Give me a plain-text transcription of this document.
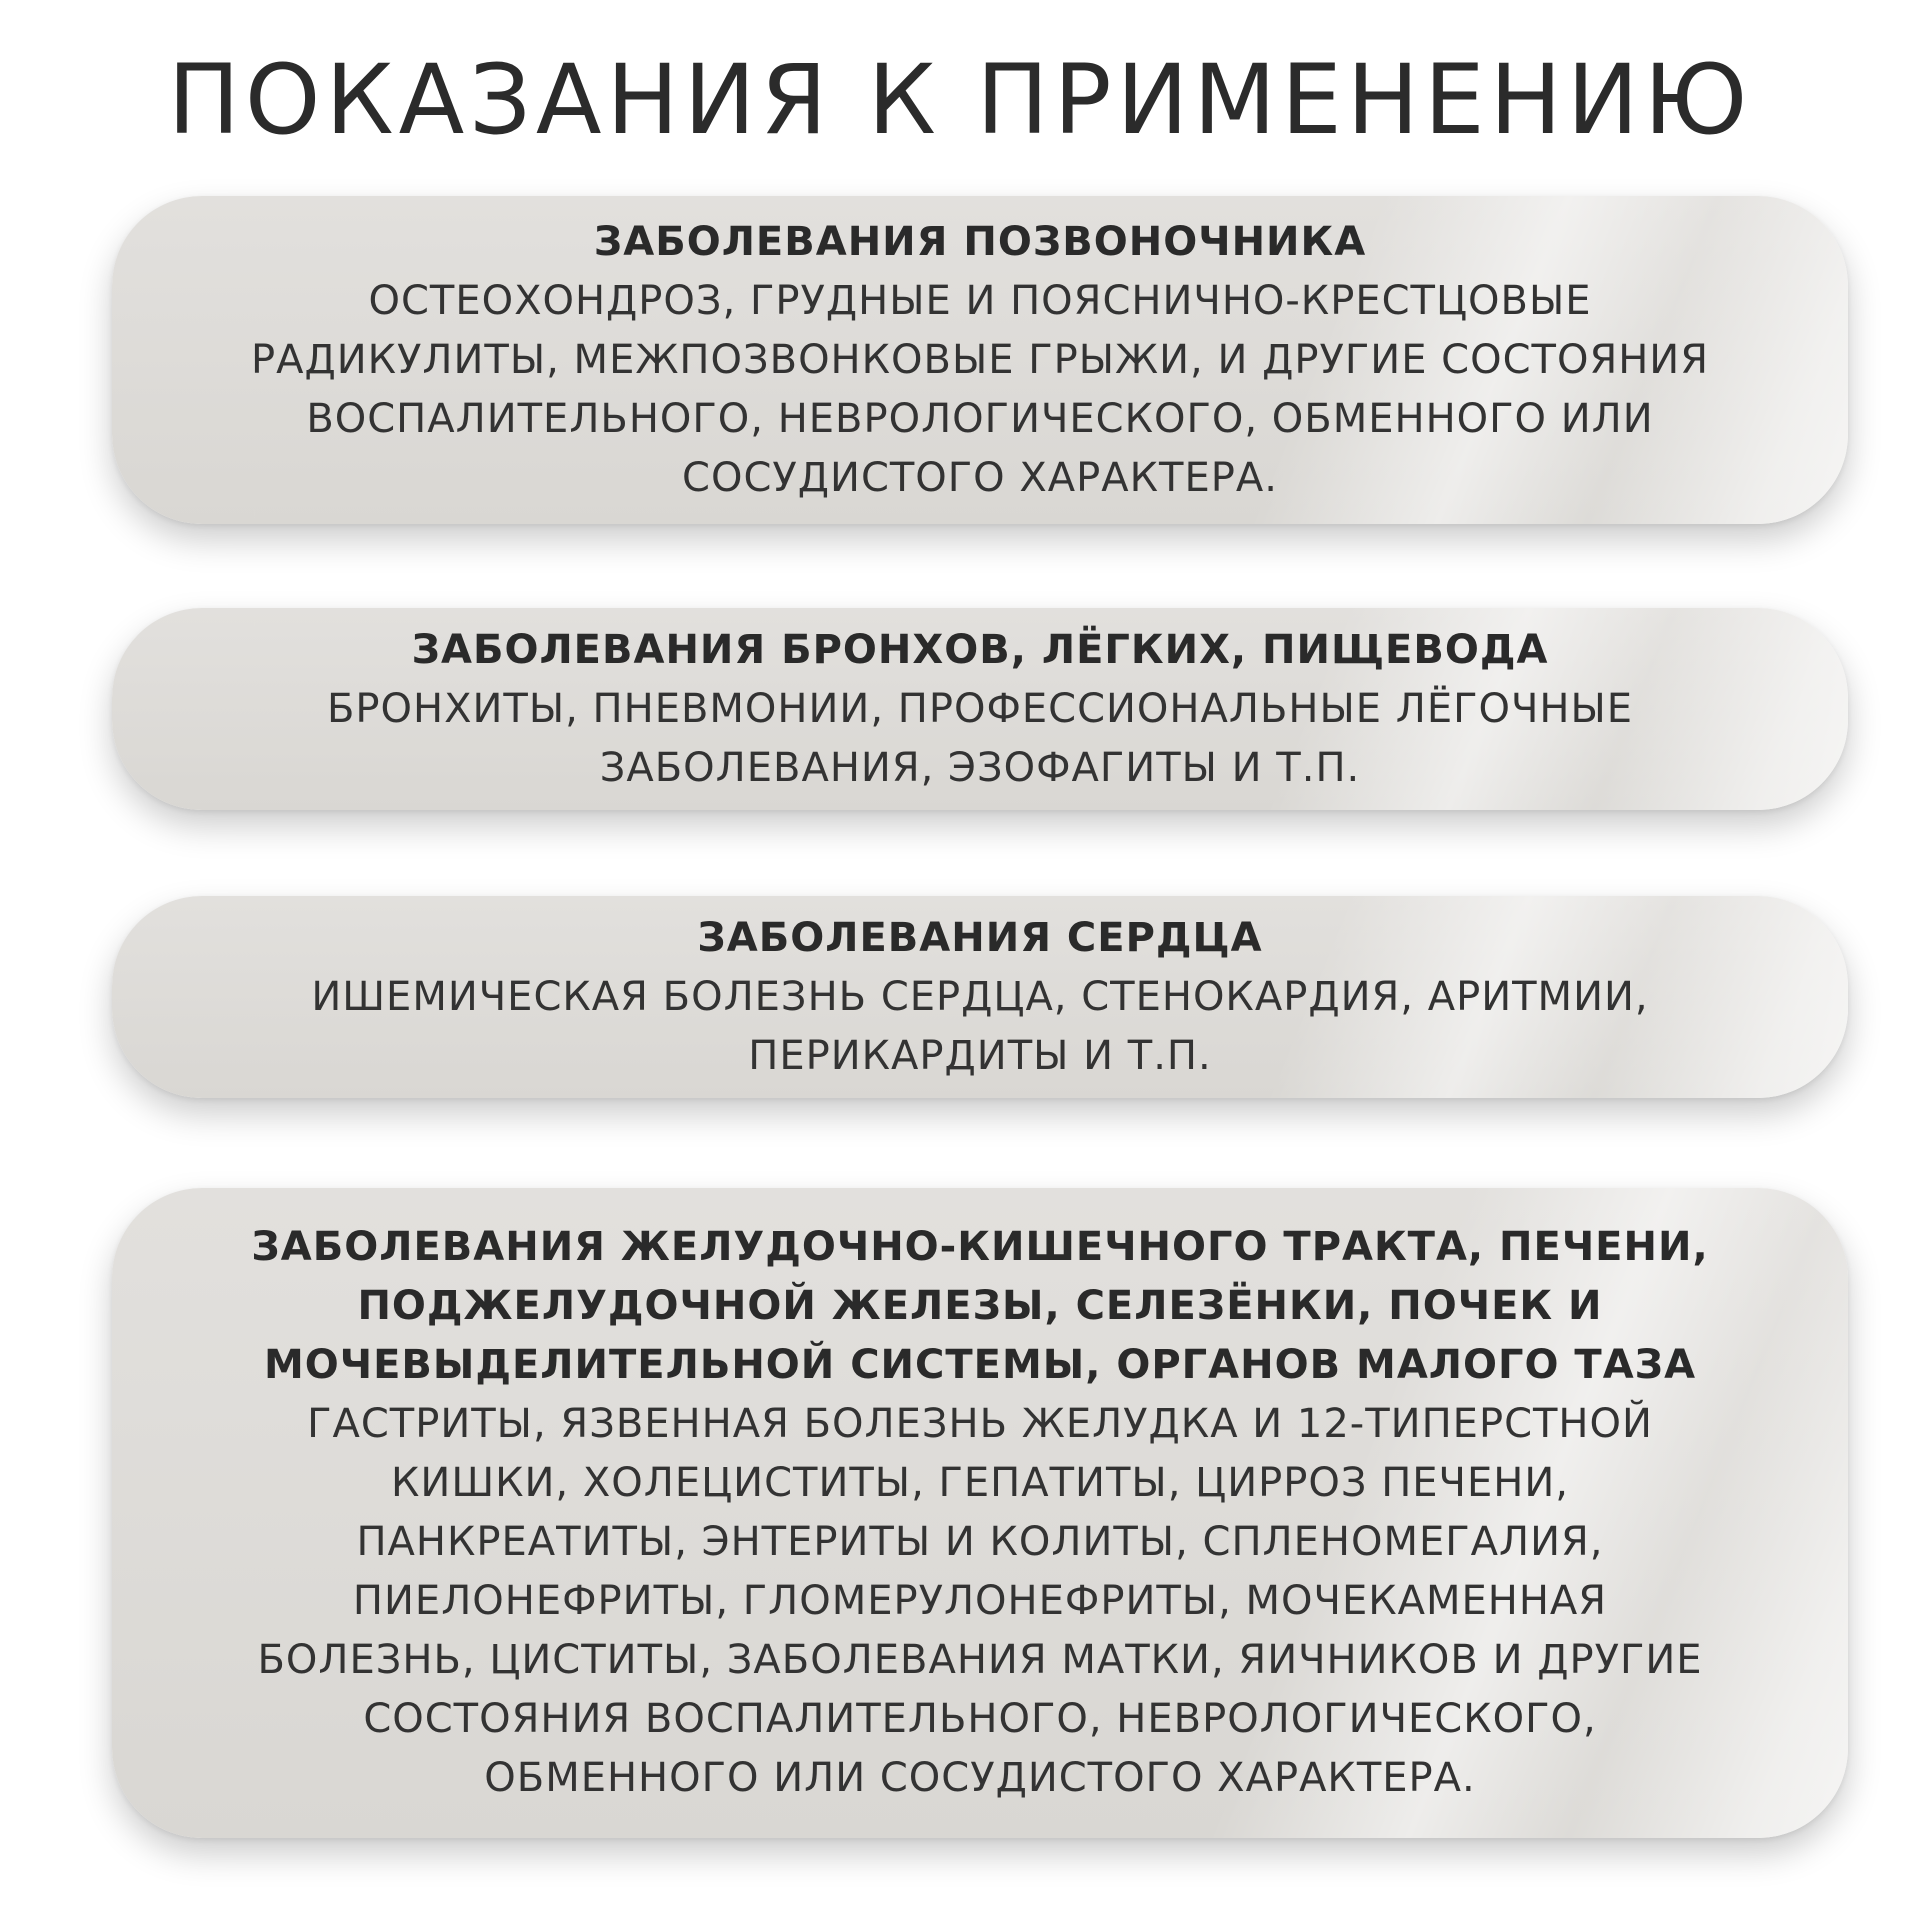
ПОКАЗАНИЯ К ПРИМЕНЕНИЮ
ЗАБОЛЕВАНИЯ ПОЗВОНОЧНИКА
ОСТЕОХОНДРОЗ, ГРУДНЫЕ И ПОЯСНИЧНО-КРЕСТЦОВЫЕ
РАДИКУЛИТЫ, МЕЖПОЗВОНКОВЫЕ ГРЫЖИ, И ДРУГИЕ СОСТОЯНИЯ
ВОСПАЛИТЕЛЬНОГО, НЕВРОЛОГИЧЕСКОГО, ОБМЕННОГО ИЛИ
СОСУДИСТОГО ХАРАКТЕРА.
ЗАБОЛЕВАНИЯ БРОНХОВ, ЛЁГКИХ, ПИЩЕВОДА
БРОНХИТЫ, ПНЕВМОНИИ, ПРОФЕССИОНАЛЬНЫЕ ЛЁГОЧНЫЕ
ЗАБОЛЕВАНИЯ, ЭЗОФАГИТЫ И Т.П.
ЗАБОЛЕВАНИЯ СЕРДЦА
ИШЕМИЧЕСКАЯ БОЛЕЗНЬ СЕРДЦА, СТЕНОКАРДИЯ, АРИТМИИ,
ПЕРИКАРДИТЫ И Т.П.
ЗАБОЛЕВАНИЯ ЖЕЛУДОЧНО-КИШЕЧНОГО ТРАКТА, ПЕЧЕНИ,
ПОДЖЕЛУДОЧНОЙ ЖЕЛЕЗЫ, СЕЛЕЗЁНКИ, ПОЧЕК И
МОЧЕВЫДЕЛИТЕЛЬНОЙ СИСТЕМЫ, ОРГАНОВ МАЛОГО ТАЗА
ГАСТРИТЫ, ЯЗВЕННАЯ БОЛЕЗНЬ ЖЕЛУДКА И 12-ТИПЕРСТНОЙ
КИШКИ, ХОЛЕЦИСТИТЫ, ГЕПАТИТЫ, ЦИРРОЗ ПЕЧЕНИ,
ПАНКРЕАТИТЫ, ЭНТЕРИТЫ И КОЛИТЫ, СПЛЕНОМЕГАЛИЯ,
ПИЕЛОНЕФРИТЫ, ГЛОМЕРУЛОНЕФРИТЫ, МОЧЕКАМЕННАЯ
БОЛЕЗНЬ, ЦИСТИТЫ, ЗАБОЛЕВАНИЯ МАТКИ, ЯИЧНИКОВ И ДРУГИЕ
СОСТОЯНИЯ ВОСПАЛИТЕЛЬНОГО, НЕВРОЛОГИЧЕСКОГО,
ОБМЕННОГО ИЛИ СОСУДИСТОГО ХАРАКТЕРА.
